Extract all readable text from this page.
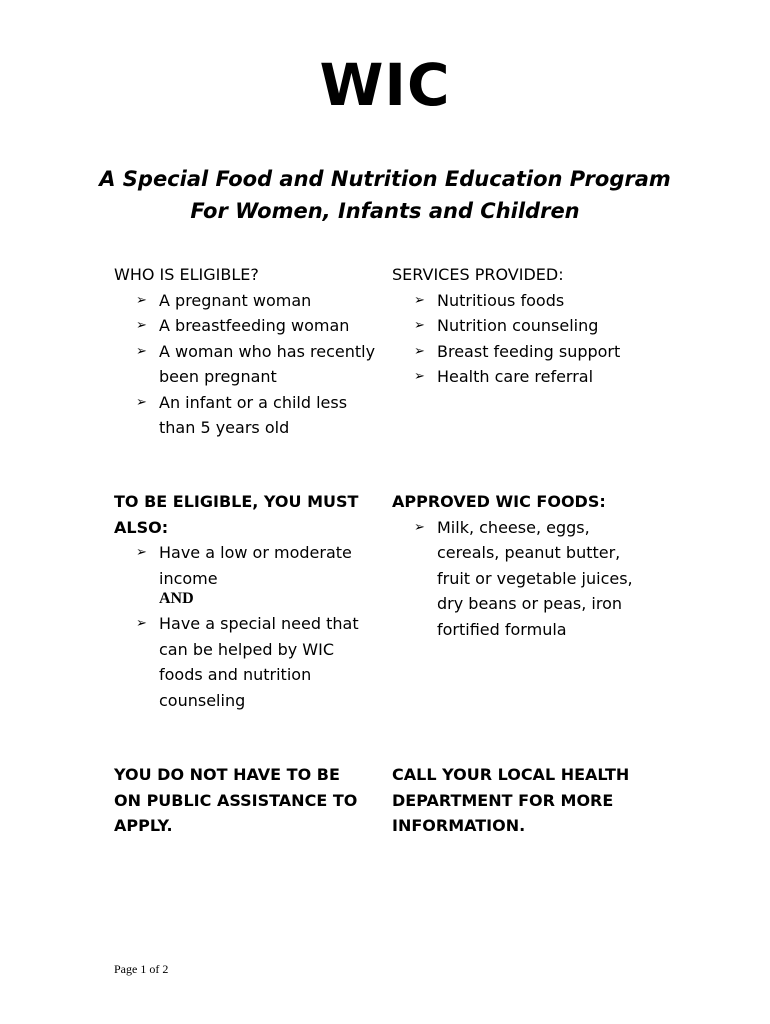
WIC
A Special Food and Nutrition Education Program
For Women, Infants and Children
WHO IS ELIGIBLE?
➢ A pregnant woman
➢ A breastfeeding woman
➢ A woman who has recently been pregnant
➢ An infant or a child less than 5 years old
SERVICES PROVIDED:
➢ Nutritious foods
➢ Nutrition counseling
➢ Breast feeding support
➢ Health care referral
TO BE ELIGIBLE, YOU MUST ALSO:
➢ Have a low or moderate income
AND
➢ Have a special need that can be helped by WIC foods and nutrition counseling
APPROVED WIC FOODS:
➢ Milk, cheese, eggs, cereals, peanut butter, fruit or vegetable juices, dry beans or peas, iron fortified formula
YOU DO NOT HAVE TO BE ON PUBLIC ASSISTANCE TO APPLY.
CALL YOUR LOCAL HEALTH DEPARTMENT FOR MORE INFORMATION.
Page 1 of 2
